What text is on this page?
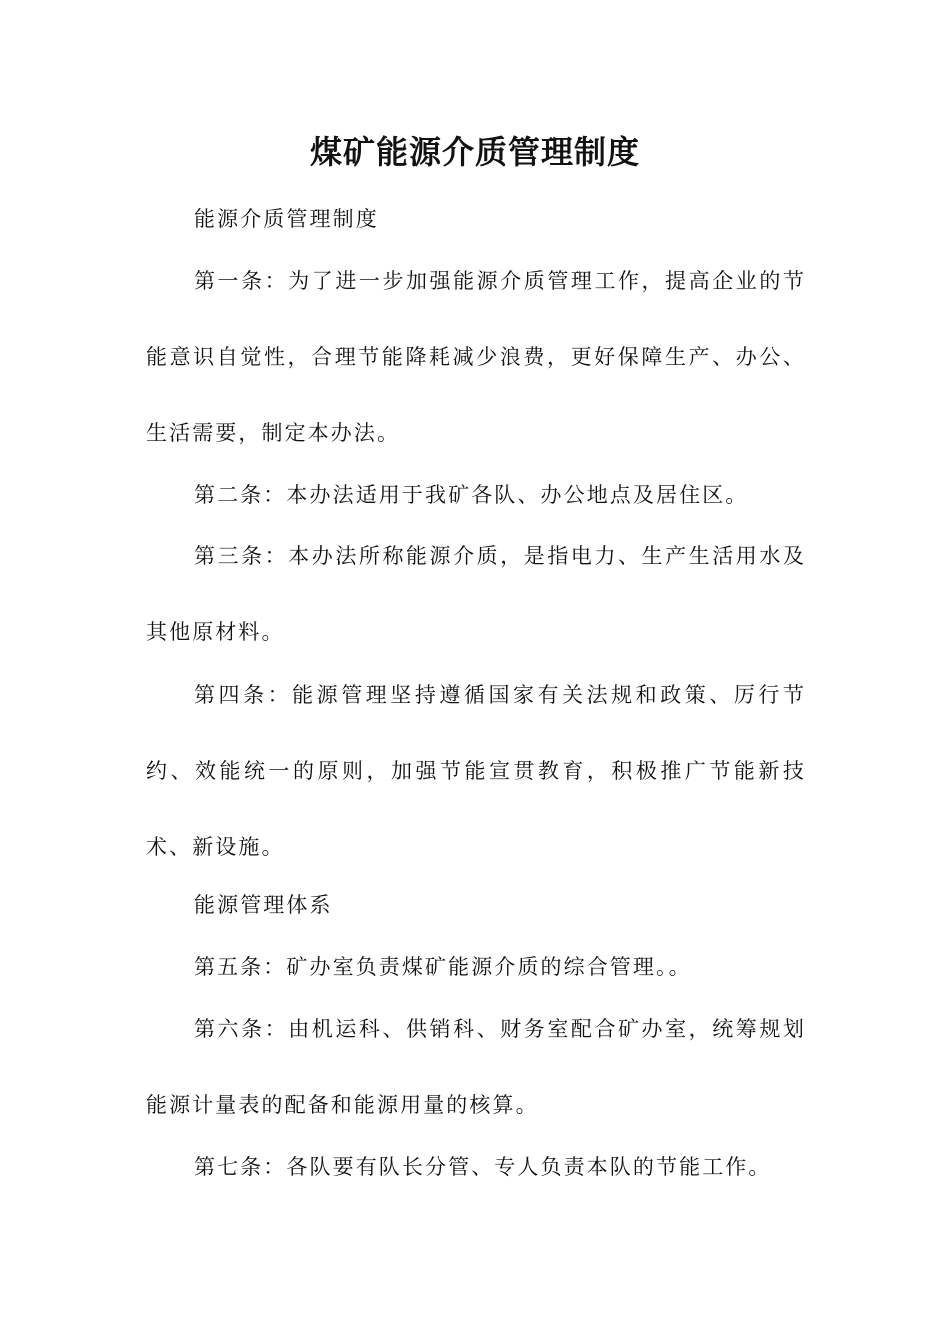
煤矿能源介质管理制度

能源介质管理制度

第一条：为了进一步加强能源介质管理工作，提高企业的节能意识自觉性，合理节能降耗减少浪费，更好保障生产、办公、生活需要，制定本办法。

第二条：本办法适用于我矿各队、办公地点及居住区。

第三条：本办法所称能源介质，是指电力、生产生活用水及其他原材料。

第四条：能源管理坚持遵循国家有关法规和政策、厉行节约、效能统一的原则，加强节能宣贯教育，积极推广节能新技术、新设施。

能源管理体系

第五条：矿办室负责煤矿能源介质的综合管理。。

第六条：由机运科、供销科、财务室配合矿办室，统筹规划能源计量表的配备和能源用量的核算。

第七条：各队要有队长分管、专人负责本队的节能工作。
